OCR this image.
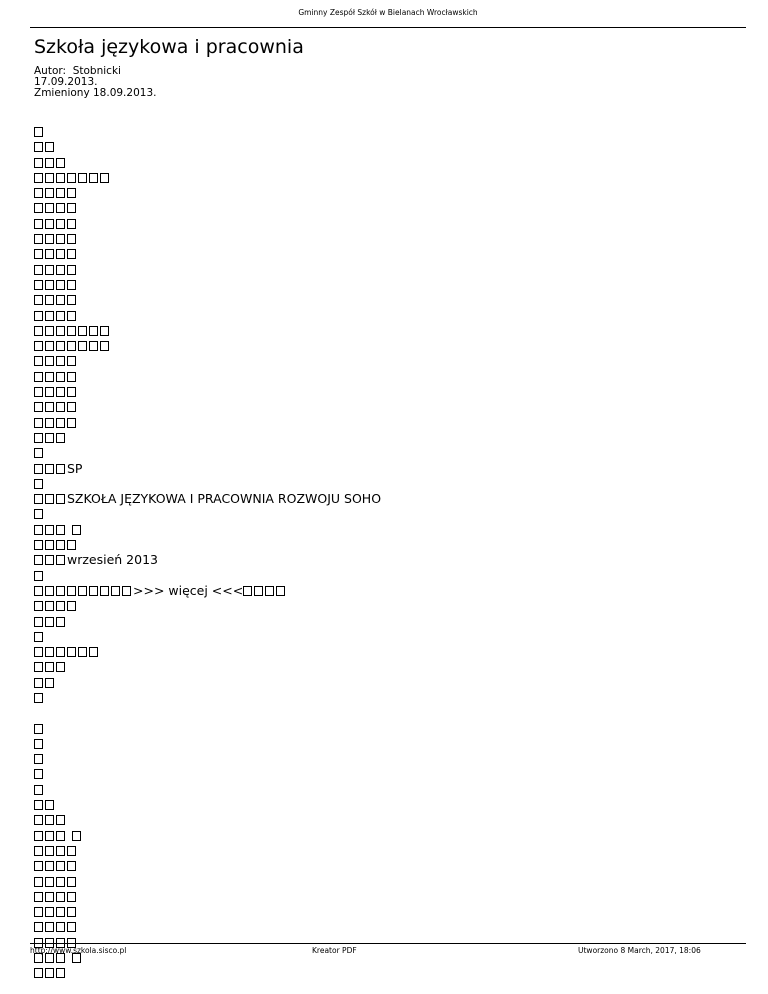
Gminny Zespół Szkół w Bielanach Wrocławskich
Szkoła językowa i pracownia
Autor:  Stobnicki
17.09.2013.
Zmieniony 18.09.2013.
SP
SZKOŁA JĘZYKOWA I PRACOWNIA ROZWOJU SOHO
wrzesień 2013
>>> więcej <<<
http://www.szkola.sisco.pl	Kreator PDF	Utworzono 8 March, 2017, 18:06
